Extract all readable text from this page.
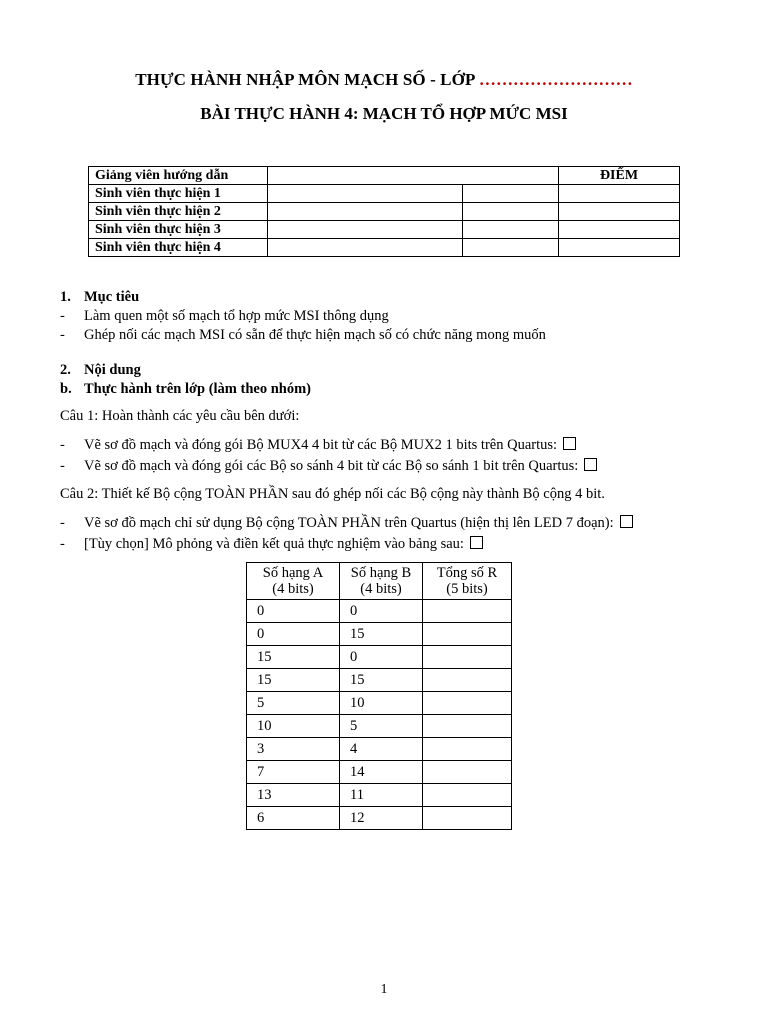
THỰC HÀNH NHẬP MÔN MẠCH SỐ - LỚP ………………………
BÀI THỰC HÀNH 4: MẠCH TỔ HỢP MỨC MSI
Giảng viên hướng dẫn			ĐIỂM
Sinh viên thực hiện 1			
Sinh viên thực hiện 2			
Sinh viên thực hiện 3			
Sinh viên thực hiện 4			
1. Mục tiêu
- Làm quen một số mạch tổ hợp mức MSI thông dụng
- Ghép nối các mạch MSI có sẵn để thực hiện mạch số có chức năng mong muốn
2. Nội dung
b. Thực hành trên lớp (làm theo nhóm)
Câu 1: Hoàn thành các yêu cầu bên dưới:
- Vẽ sơ đồ mạch và đóng gói Bộ MUX4 4 bit từ các Bộ MUX2 1 bits trên Quartus:
- Vẽ sơ đồ mạch và đóng gói các Bộ so sánh 4 bit từ các Bộ so sánh 1 bit trên Quartus:
Câu 2: Thiết kế Bộ cộng TOÀN PHẦN sau đó ghép nối các Bộ cộng này thành Bộ cộng 4 bit.
- Vẽ sơ đồ mạch chỉ sử dụng Bộ cộng TOÀN PHẦN trên Quartus (hiện thị lên LED 7 đoạn):
- [Tùy chọn] Mô phỏng và điền kết quả thực nghiệm vào bảng sau:
Số hạng A
(4 bits)	Số hạng B
(4 bits)	Tổng số R
(5 bits)
0	0	
0	15	
15	0	
15	15	
5	10	
10	5	
3	4	
7	14	
13	11	
6	12	
1
